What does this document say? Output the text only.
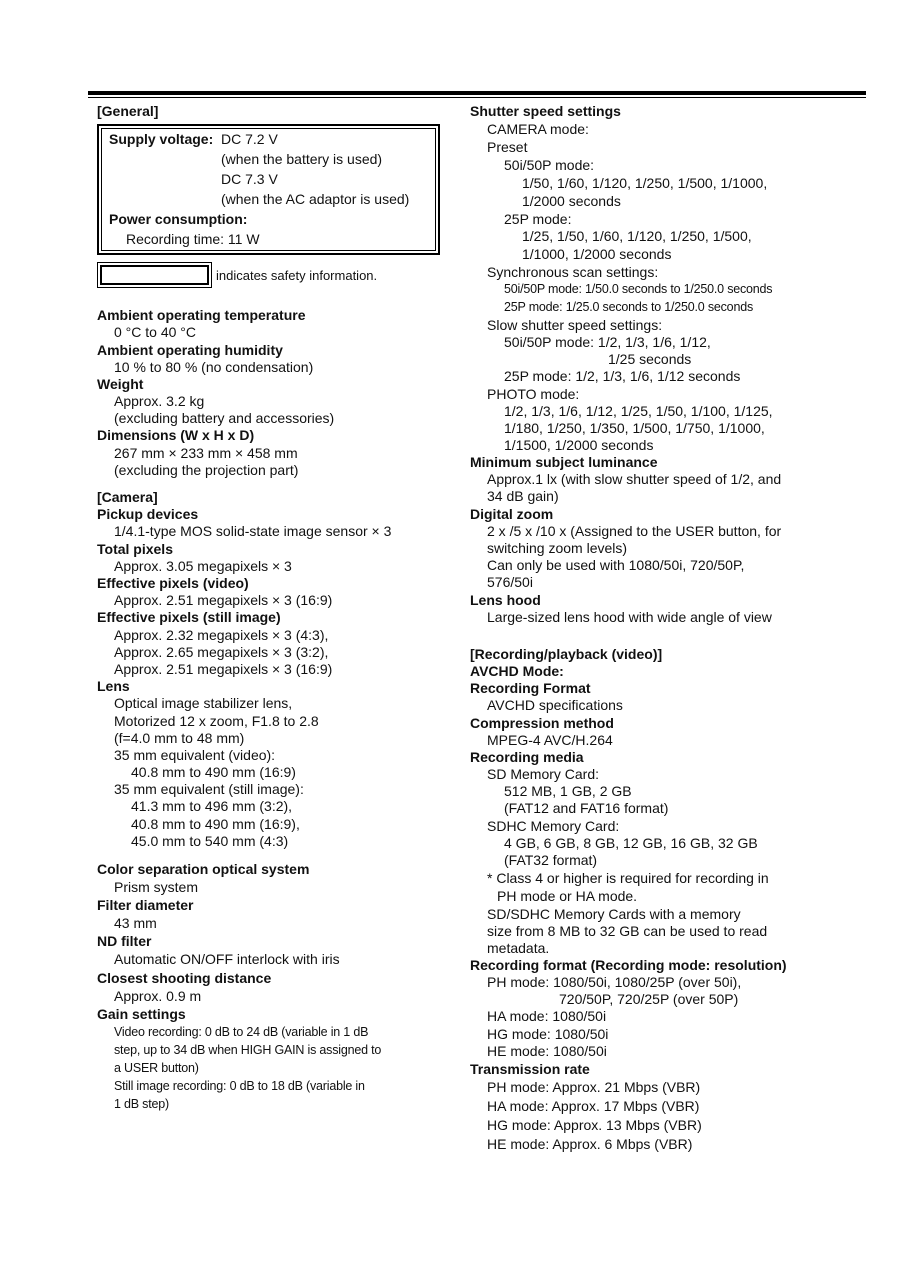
[General]
Supply voltage: DC 7.2 V
(when the battery is used)
DC 7.3 V
(when the AC adaptor is used)
Power consumption:
Recording time: 11 W
indicates safety information.
Ambient operating temperature
0 °C to 40 °C
Ambient operating humidity
10 % to 80 % (no condensation)
Weight
Approx. 3.2 kg
(excluding battery and accessories)
Dimensions (W x H x D)
267 mm × 233 mm × 458 mm
(excluding the projection part)
[Camera]
Pickup devices
1/4.1-type MOS solid-state image sensor × 3
Total pixels
Approx. 3.05 megapixels × 3
Effective pixels (video)
Approx. 2.51 megapixels × 3 (16:9)
Effective pixels (still image)
Approx. 2.32 megapixels × 3 (4:3),
Approx. 2.65 megapixels × 3 (3:2),
Approx. 2.51 megapixels × 3 (16:9)
Lens
Optical image stabilizer lens,
Motorized 12 x zoom, F1.8 to 2.8
(f=4.0 mm to 48 mm)
35 mm equivalent (video):
40.8 mm to 490 mm (16:9)
35 mm equivalent (still image):
41.3 mm to 496 mm (3:2),
40.8 mm to 490 mm (16:9),
45.0 mm to 540 mm (4:3)
Color separation optical system
Prism system
Filter diameter
43 mm
ND filter
Automatic ON/OFF interlock with iris
Closest shooting distance
Approx. 0.9 m
Gain settings
Video recording: 0 dB to 24 dB (variable in 1 dB
step, up to 34 dB when HIGH GAIN is assigned to
a USER button)
Still image recording: 0 dB to 18 dB (variable in
1 dB step)
Shutter speed settings
CAMERA mode:
Preset
50i/50P mode:
1/50, 1/60, 1/120, 1/250, 1/500, 1/1000,
1/2000 seconds
25P mode:
1/25, 1/50, 1/60, 1/120, 1/250, 1/500,
1/1000, 1/2000 seconds
Synchronous scan settings:
50i/50P mode: 1/50.0 seconds to 1/250.0 seconds
25P mode: 1/25.0 seconds to 1/250.0 seconds
Slow shutter speed settings:
50i/50P mode: 1/2, 1/3, 1/6, 1/12,
1/25 seconds
25P mode: 1/2, 1/3, 1/6, 1/12 seconds
PHOTO mode:
1/2, 1/3, 1/6, 1/12, 1/25, 1/50, 1/100, 1/125,
1/180, 1/250, 1/350, 1/500, 1/750, 1/1000,
1/1500, 1/2000 seconds
Minimum subject luminance
Approx.1 lx (with slow shutter speed of 1/2, and
34 dB gain)
Digital zoom
2 x /5 x /10 x (Assigned to the USER button, for
switching zoom levels)
Can only be used with 1080/50i, 720/50P,
576/50i
Lens hood
Large-sized lens hood with wide angle of view
[Recording/playback (video)]
AVCHD Mode:
Recording Format
AVCHD specifications
Compression method
MPEG-4 AVC/H.264
Recording media
SD Memory Card:
512 MB, 1 GB, 2 GB
(FAT12 and FAT16 format)
SDHC Memory Card:
4 GB, 6 GB, 8 GB, 12 GB, 16 GB, 32 GB
(FAT32 format)
* Class 4 or higher is required for recording in
PH mode or HA mode.
SD/SDHC Memory Cards with a memory
size from 8 MB to 32 GB can be used to read
metadata.
Recording format (Recording mode: resolution)
PH mode: 1080/50i, 1080/25P (over 50i),
720/50P, 720/25P (over 50P)
HA mode: 1080/50i
HG mode: 1080/50i
HE mode: 1080/50i
Transmission rate
PH mode: Approx. 21 Mbps (VBR)
HA mode: Approx. 17 Mbps (VBR)
HG mode: Approx. 13 Mbps (VBR)
HE mode: Approx. 6 Mbps (VBR)
